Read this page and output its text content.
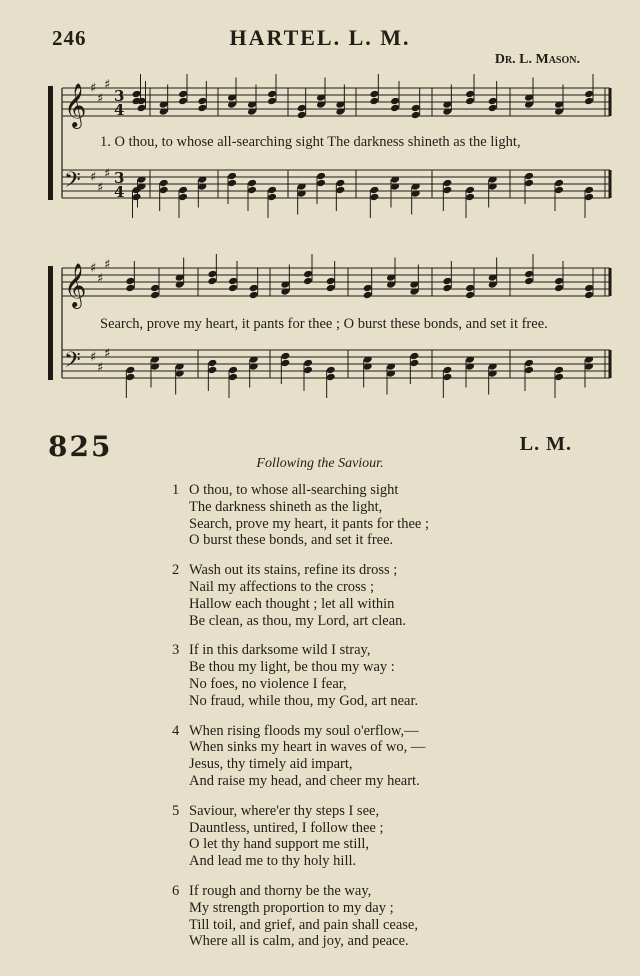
246	HARTEL. L. M.
Dr. L. Mason.
𝄞 ♯
♯
♯
𝄢 ♯
♯
♯
3
4
3
4
𝄞 ♯
♯
♯
𝄢 ♯
♯
♯
1. O thou, to whose all-searching sight The darkness shineth as the light,
Search, prove my heart, it pants for thee ; O burst these bonds, and set it free.
825	L. M.
Following the Saviour.
1 O thou, to whose all-searching sight
The darkness shineth as the light,
Search, prove my heart, it pants for thee ;
O burst these bonds, and set it free.
2 Wash out its stains, refine its dross ;
Nail my affections to the cross ;
Hallow each thought ; let all within
Be clean, as thou, my Lord, art clean.
3 If in this darksome wild I stray,
Be thou my light, be thou my way :
No foes, no violence I fear,
No fraud, while thou, my God, art near.
4 When rising floods my soul o'erflow,—
When sinks my heart in waves of wo, —
Jesus, thy timely aid impart,
And raise my head, and cheer my heart.
5 Saviour, where'er thy steps I see,
Dauntless, untired, I follow thee ;
O let thy hand support me still,
And lead me to thy holy hill.
6 If rough and thorny be the way,
My strength proportion to my day ;
Till toil, and grief, and pain shall cease,
Where all is calm, and joy, and peace.
